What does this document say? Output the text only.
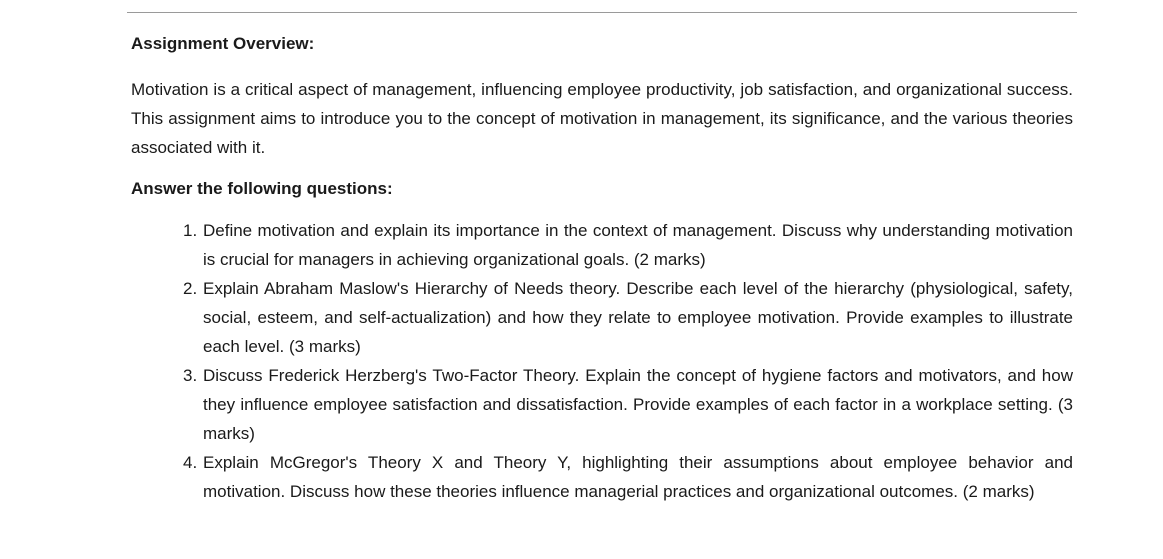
Assignment Overview:

Motivation is a critical aspect of management, influencing employee productivity, job satisfaction, and organizational success. This assignment aims to introduce you to the concept of motivation in management, its significance, and the various theories associated with it.

Answer the following questions:
1. Define motivation and explain its importance in the context of management. Discuss why understanding motivation is crucial for managers in achieving organizational goals. (2 marks)
2. Explain Abraham Maslow's Hierarchy of Needs theory. Describe each level of the hierarchy (physiological, safety, social, esteem, and self-actualization) and how they relate to employee motivation. Provide examples to illustrate each level. (3 marks)
3. Discuss Frederick Herzberg's Two-Factor Theory. Explain the concept of hygiene factors and motivators, and how they influence employee satisfaction and dissatisfaction. Provide examples of each factor in a workplace setting. (3 marks)
4. Explain McGregor's Theory X and Theory Y, highlighting their assumptions about employee behavior and motivation. Discuss how these theories influence managerial practices and organizational outcomes. (2 marks)
